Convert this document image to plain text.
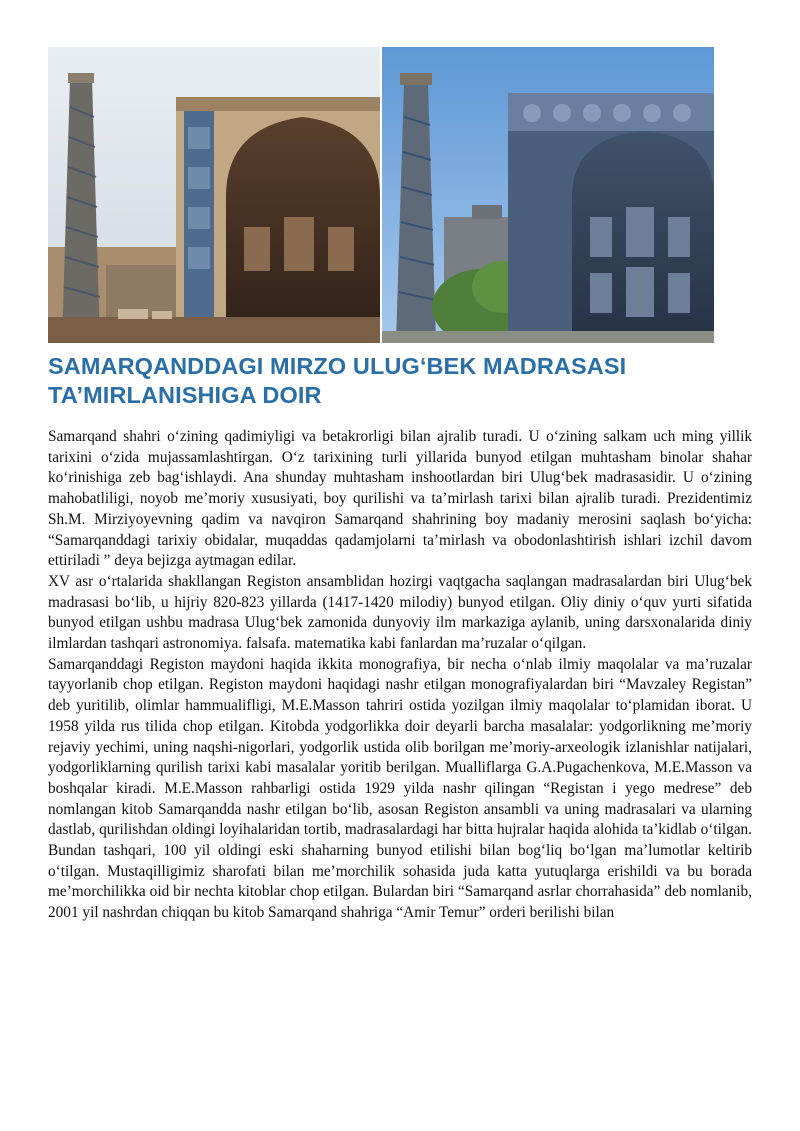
SAMARQANDDAGI MIRZO ULUG‘BEK MADRASASI
TA’MIRLANISHIGA DOIR

Samarqand shahri o‘zining qadimiyligi va betakrorligi bilan ajralib turadi. U o‘zining salkam uch ming yillik tarixini o‘zida mujassamlashtirgan. O‘z tarixining turli yillarida bunyod etilgan muhtasham binolar shahar ko‘rinishiga zeb bag‘ishlaydi. Ana shunday muhtasham inshootlardan biri Ulug‘bek madrasasidir. U o‘zining mahobatliligi, noyob me’moriy xususiyati, boy qurilishi va ta’mirlash tarixi bilan ajralib turadi. Prezidentimiz Sh.M. Mirziyoyevning qadim va navqiron Samarqand shahrining boy madaniy merosini saqlash bo‘yicha: “Samarqanddagi tarixiy obidalar, muqaddas qadamjolarni ta’mirlash va obodonlashtirish ishlari izchil davom ettiriladi ” deya bejizga aytmagan edilar.

XV asr o‘rtalarida shakllangan Registon ansamblidan hozirgi vaqtgacha saqlangan madrasalardan biri Ulug‘bek madrasasi bo‘lib, u hijriy 820-823 yillarda (1417-1420 milodiy) bunyod etilgan. Oliy diniy o‘quv yurti sifatida bunyod etilgan ushbu madrasa Ulug‘bek zamonida dunyoviy ilm markaziga aylanib, uning darsxonalarida diniy ilmlardan tashqari astronomiya. falsafa. matematika kabi fanlardan ma’ruzalar o‘qilgan.

Samarqanddagi Registon maydoni haqida ikkita monografiya, bir necha o‘nlab ilmiy maqolalar va ma’ruzalar tayyorlanib chop etilgan. Registon maydoni haqidagi nashr etilgan monografiyalardan biri “Mavzaley Registan” deb yuritilib, olimlar hammualifligi, M.E.Masson tahriri ostida yozilgan ilmiy maqolalar to‘plamidan iborat. U 1958 yilda rus tilida chop etilgan. Kitobda yodgorlikka doir deyarli barcha masalalar: yodgorlikning me’moriy rejaviy yechimi, uning naqshi-nigorlari, yodgorlik ustida olib borilgan me’moriy-arxeologik izlanishlar natijalari, yodgorliklarning qurilish tarixi kabi masalalar yoritib berilgan. Mualliflarga G.A.Pugachenkova, M.E.Masson va boshqalar kiradi. M.E.Masson rahbarligi ostida 1929 yilda nashr qilingan “Registan i yego medrese” deb nomlangan kitob Samarqandda nashr etilgan bo‘lib, asosan Registon ansambli va uning madrasalari va ularning dastlab, qurilishdan oldingi loyihalaridan tortib, madrasalardagi har bitta hujralar haqida alohida ta’kidlab o‘tilgan. Bundan tashqari, 100 yil oldingi eski shaharning bunyod etilishi bilan bog‘liq bo‘lgan ma’lumotlar keltirib o‘tilgan. Mustaqilligimiz sharofati bilan me’morchilik sohasida juda katta yutuqlarga erishildi va bu borada me’morchilikka oid bir nechta kitoblar chop etilgan. Bulardan biri “Samarqand asrlar chorrahasida” deb nomlanib, 2001 yil nashrdan chiqqan bu kitob Samarqand shahriga “Amir Temur” orderi berilishi bilan
